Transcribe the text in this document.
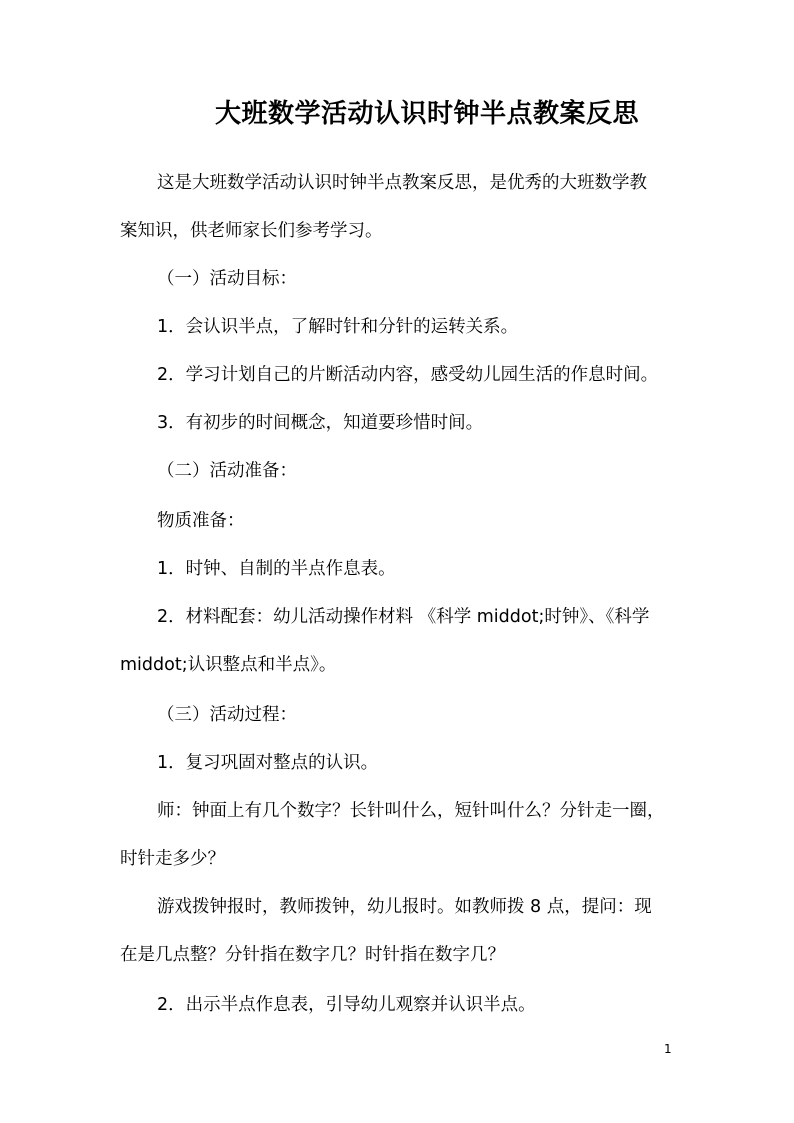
大班数学活动认识时钟半点教案反思

这是大班数学活动认识时钟半点教案反思，是优秀的大班数学教

案知识，供老师家长们参考学习。

（一）活动目标：

1．会认识半点，了解时针和分针的运转关系。

2．学习计划自己的片断活动内容，感受幼儿园生活的作息时间。

3．有初步的时间概念，知道要珍惜时间。

（二）活动准备：

物质准备：

1．时钟、自制的半点作息表。

2．材料配套：幼儿活动操作材料 《科学 middot;时钟》、《科学

middot;认识整点和半点》。

（三）活动过程：

1．复习巩固对整点的认识。

师：钟面上有几个数字？长针叫什么，短针叫什么？分针走一圈，

时针走多少？

游戏拨钟报时，教师拨钟，幼儿报时。如教师拨 8 点，提问：现

在是几点整？分针指在数字几？时针指在数字几？

2．出示半点作息表，引导幼儿观察并认识半点。

1
